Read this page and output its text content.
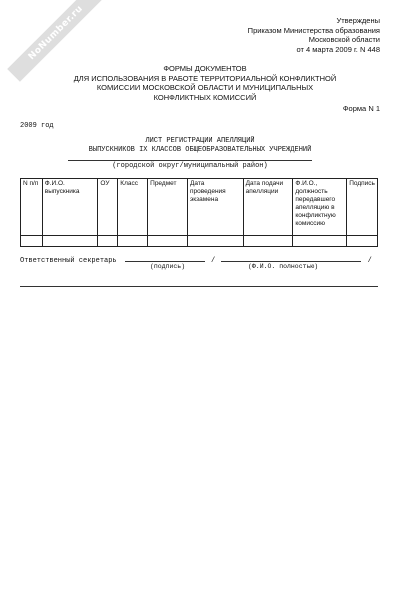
NoNumber.ru	Утверждены
Приказом Министерства образования
Московской области
от 4 марта 2009 г. N 448
ФОРМЫ ДОКУМЕНТОВ
ДЛЯ ИСПОЛЬЗОВАНИЯ В РАБОТЕ ТЕРРИТОРИАЛЬНОЙ КОНФЛИКТНОЙ
КОМИССИИ МОСКОВСКОЙ ОБЛАСТИ И МУНИЦИПАЛЬНЫХ
КОНФЛИКТНЫХ КОМИССИЙ
Форма N 1
2009 год
ЛИСТ РЕГИСТРАЦИИ АПЕЛЛЯЦИЙ
ВЫПУСКНИКОВ IX КЛАССОВ ОБЩЕОБРАЗОВАТЕЛЬНЫХ УЧРЕЖДЕНИЙ
(городской округ/муниципальный район)
N п/п	Ф.И.О. выпускника	ОУ	Класс	Предмет	Дата проведения экзамена	Дата подачи апелляции	Ф.И.О., должность передавшего апелляцию в конфликтную комиссию	Подпись

Ответственный секретарь	/	/
(подпись)	(Ф.И.О. полностью)
